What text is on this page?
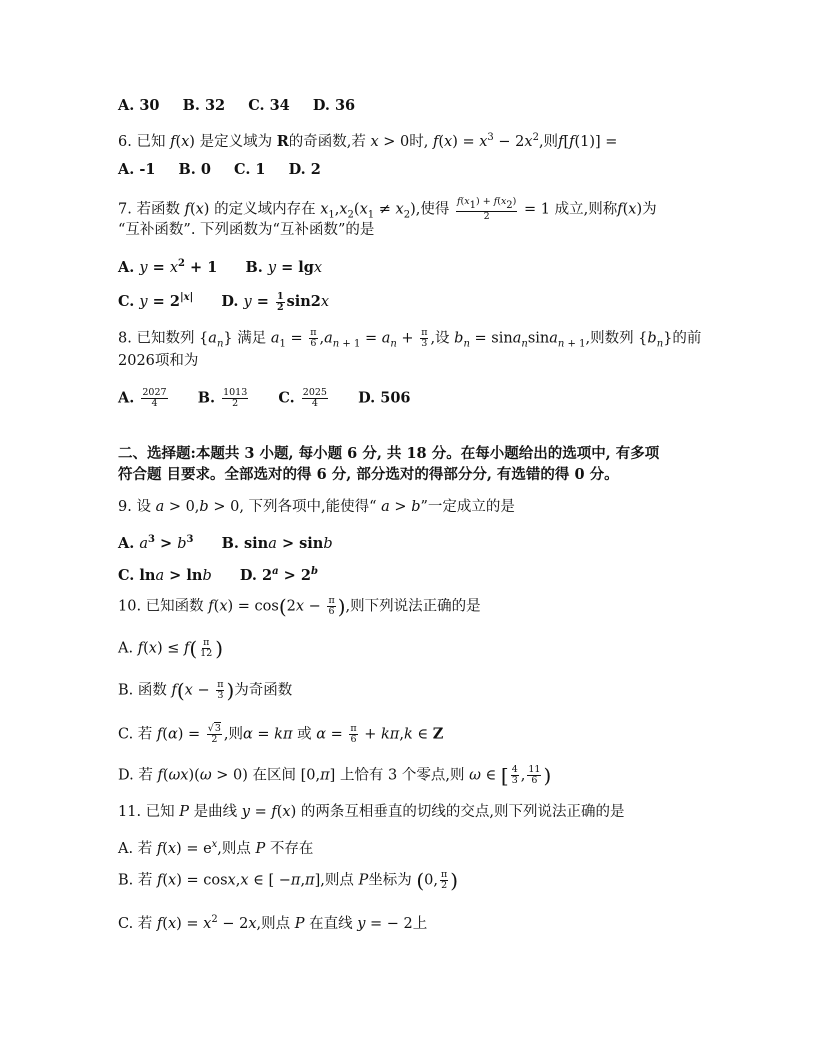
A. 30 B. 32 C. 34 D. 36
6. 已知 f(x) 是定义域为 R的奇函数,若 x > 0时, $f(x) = x^3 - 2x^2$,则f[f(1)] =
A. -1 B. 0 C. 1 D. 2
7. 若函数 f(x) 的定义域内存在 $x_1,x_2(x_1 \ne x_2)$,使得 $\frac{f(x1) + f(x2)}{2} = 1$ 成立,则称f(x)为
“互补函数”. 下列函数为“互补函数”的是
A. $y = x^2 + 1$  B. y = lgx
C. $y = 2^{|x|}$ D. $y = \frac{1}{2} \sin 2x$
8. 已知数列 $\{a_n\}$ 满足 $a_1 = \frac{\pi}{6} ,a_{n + 1} = a_n + \frac{\pi}{3}$ ,设 $b_n = \sin a_n\sin a_{n + 1}$,则数列 $\{b_n\}$的前
2026项和为
A. $\frac{2027}{4} B$. $\frac{1013}{2} C$. $\frac{2025}{4} D$. 506
二、选择题:本题共 3 小题, 每小题 6 分, 共 18 分。在每小题给出的选项中, 有多项
符合题 目要求。全部选对的得 6 分, 部分选对的得部分分, 有选错的得 0 分。
9. 设 a > 0,b > 0, 下列各项中,能使得“ a > b”一定成立的是
A. $a^3 > b^3$ B. sina > sinb
C. lna > lnb D. $2^a > 2^b$
10. 已知函数 $f(x) = \cos(2x - \frac{\pi}{6}$ ),则下列说法正确的是
A. $f(x) \le f( \frac{\pi}{12}$ )
B. 函数 $f(x - \frac{\pi}{3}$ )为奇函数
C. 若 $f(\alpha) = \frac{√3}{2}$ ,则α = kπ 或 $\alpha = \frac{\pi}{6} + k\pi,k$ ∈ Z
D. 若 f(ωx)(ω > 0) 在区间 [0,π] 上恰有 3 个零点,则 ω ∈ [ $\frac{4}{3}$ , $\frac{11}{6}$ )
11. 已知 P 是曲线 y = f(x) 的两条互相垂直的切线的交点,则下列说法正确的是
A. 若 $f(x) = e^x$,则点 P 不存在
B. 若 f(x) = cosx,x ∈ [ −π,π],则点 P坐标为 (0, $\frac{\pi}{2}$ )
C. 若 $f(x) = x^2 - 2x$,则点 P 在直线 y = − 2上
